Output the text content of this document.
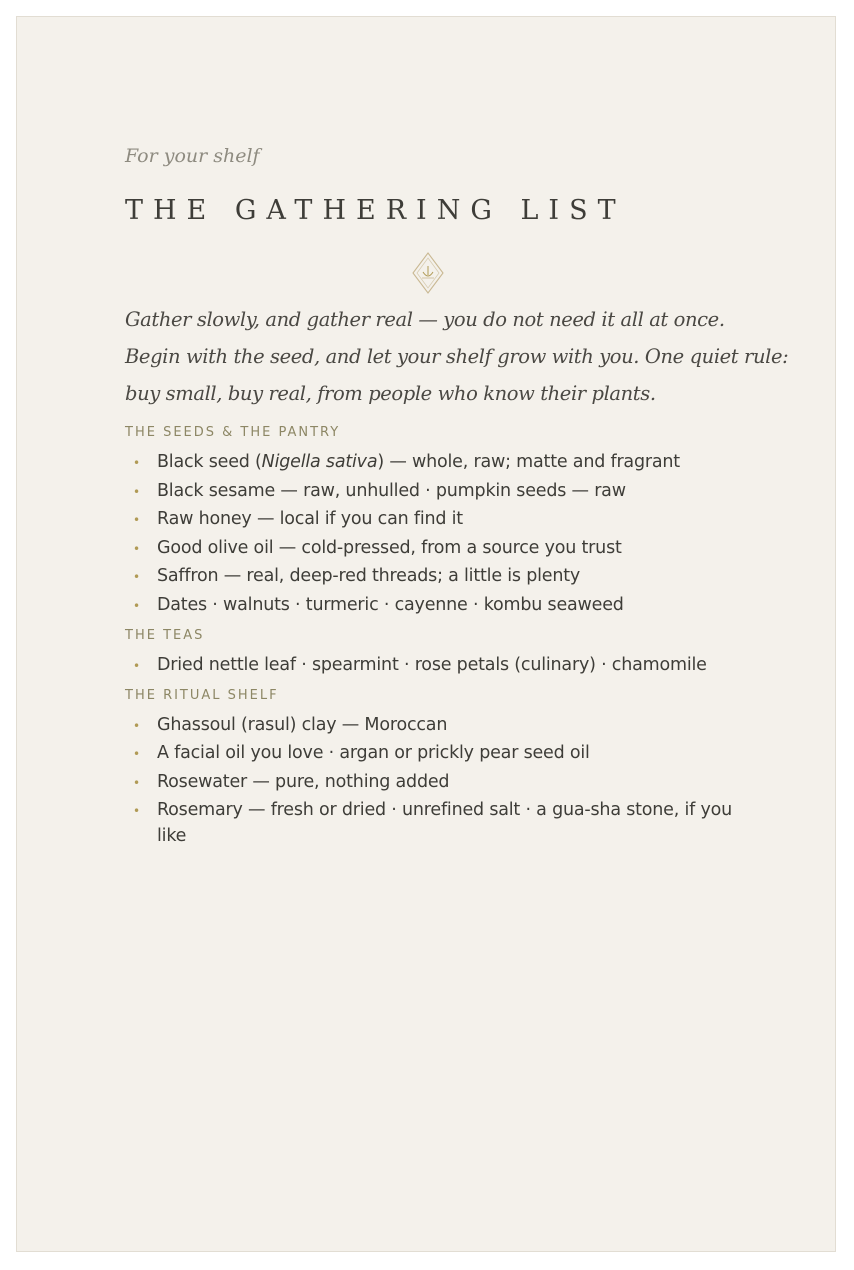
For your shelf
THE GATHERING LIST
Gather slowly, and gather real — you do not need it all at once.
Begin with the seed, and let your shelf grow with you. One quiet rule:
buy small, buy real, from people who know their plants.
THE SEEDS & THE PANTRY
• Black seed (Nigella sativa) — whole, raw; matte and fragrant
• Black sesame — raw, unhulled · pumpkin seeds — raw
• Raw honey — local if you can find it
• Good olive oil — cold-pressed, from a source you trust
• Saffron — real, deep-red threads; a little is plenty
• Dates · walnuts · turmeric · cayenne · kombu seaweed
THE TEAS
• Dried nettle leaf · spearmint · rose petals (culinary) · chamomile
THE RITUAL SHELF
• Ghassoul (rasul) clay — Moroccan
• A facial oil you love · argan or prickly pear seed oil
• Rosewater — pure, nothing added
• Rosemary — fresh or dried · unrefined salt · a gua-sha stone, if you like
